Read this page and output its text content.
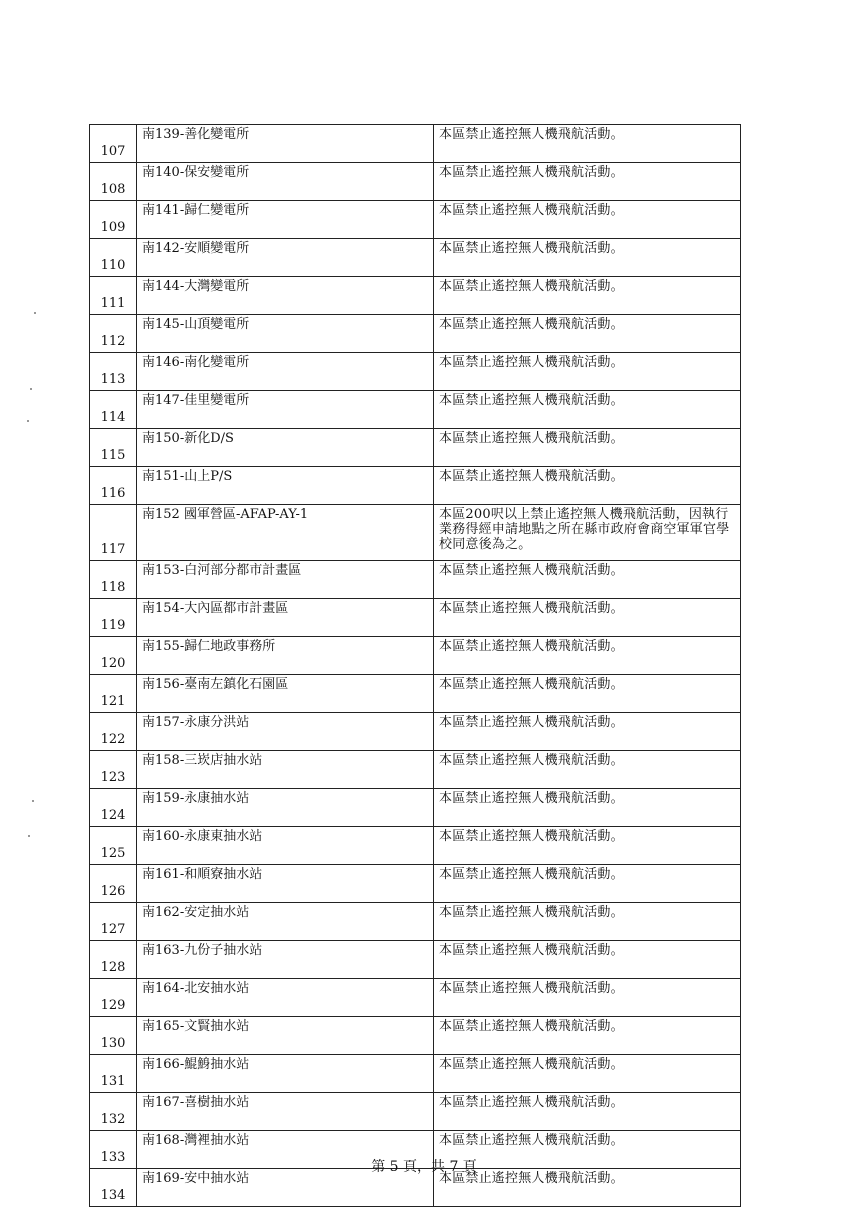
107	南139-善化變電所	本區禁止遙控無人機飛航活動。
108	南140-保安變電所	本區禁止遙控無人機飛航活動。
109	南141-歸仁變電所	本區禁止遙控無人機飛航活動。
110	南142-安順變電所	本區禁止遙控無人機飛航活動。
111	南144-大灣變電所	本區禁止遙控無人機飛航活動。
112	南145-山頂變電所	本區禁止遙控無人機飛航活動。
113	南146-南化變電所	本區禁止遙控無人機飛航活動。
114	南147-佳里變電所	本區禁止遙控無人機飛航活動。
115	南150-新化D/S	本區禁止遙控無人機飛航活動。
116	南151-山上P/S	本區禁止遙控無人機飛航活動。
117	南152 國軍營區-AFAP-AY-1	本區200呎以上禁止遙控無人機飛航活動，因執行業務得經申請地點之所在縣市政府會商空軍軍官學校同意後為之。
118	南153-白河部分都市計畫區	本區禁止遙控無人機飛航活動。
119	南154-大內區都市計畫區	本區禁止遙控無人機飛航活動。
120	南155-歸仁地政事務所	本區禁止遙控無人機飛航活動。
121	南156-臺南左鎮化石園區	本區禁止遙控無人機飛航活動。
122	南157-永康分洪站	本區禁止遙控無人機飛航活動。
123	南158-三崁店抽水站	本區禁止遙控無人機飛航活動。
124	南159-永康抽水站	本區禁止遙控無人機飛航活動。
125	南160-永康東抽水站	本區禁止遙控無人機飛航活動。
126	南161-和順寮抽水站	本區禁止遙控無人機飛航活動。
127	南162-安定抽水站	本區禁止遙控無人機飛航活動。
128	南163-九份子抽水站	本區禁止遙控無人機飛航活動。
129	南164-北安抽水站	本區禁止遙控無人機飛航活動。
130	南165-文賢抽水站	本區禁止遙控無人機飛航活動。
131	南166-鯤鯓抽水站	本區禁止遙控無人機飛航活動。
132	南167-喜樹抽水站	本區禁止遙控無人機飛航活動。
133	南168-灣裡抽水站	本區禁止遙控無人機飛航活動。
134	南169-安中抽水站	本區禁止遙控無人機飛航活動。
第 5 頁，共 7 頁
